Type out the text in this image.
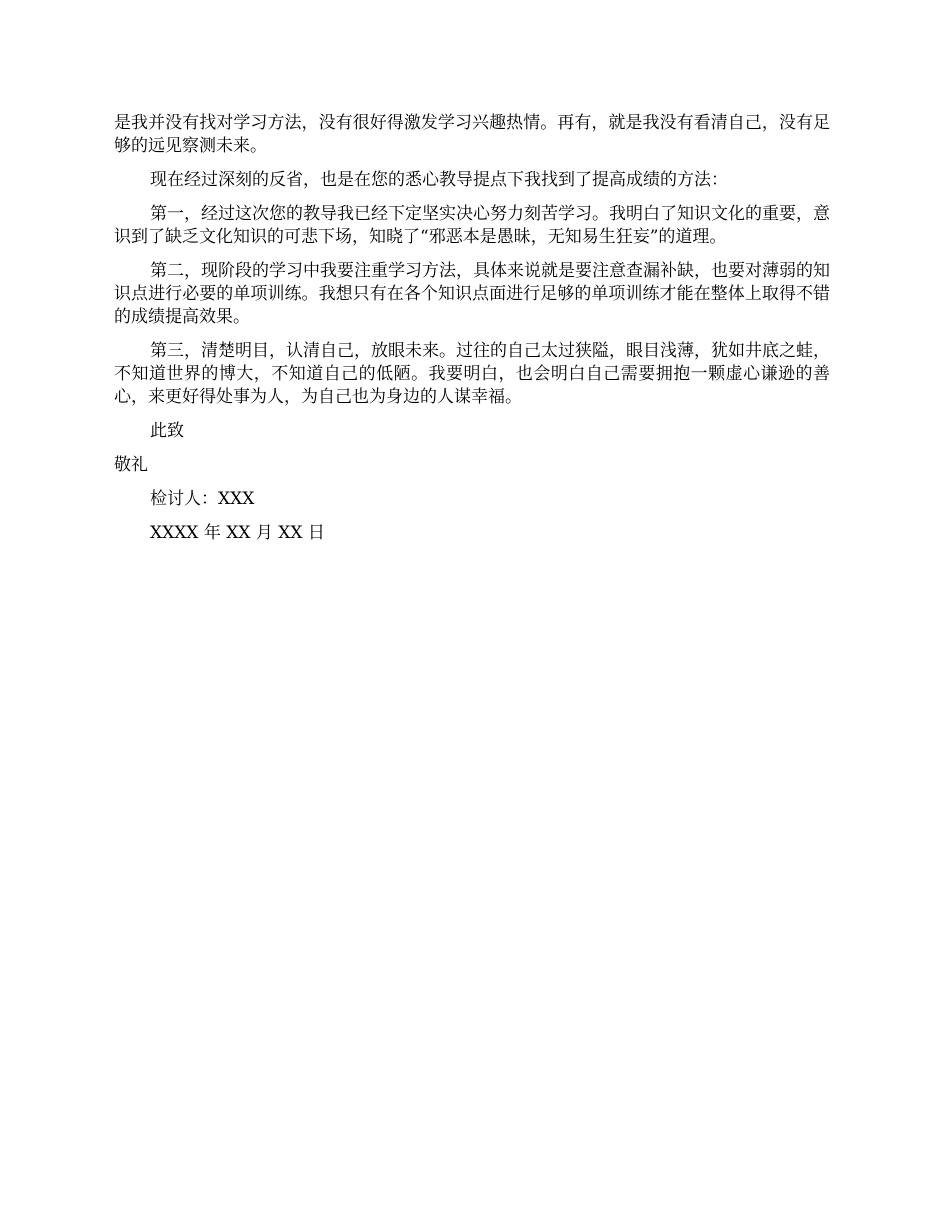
是我并没有找对学习方法，没有很好得激发学习兴趣热情。再有，就是我没有看清自己，没有足够的远见察测未来。

现在经过深刻的反省，也是在您的悉心教导提点下我找到了提高成绩的方法：

第一，经过这次您的教导我已经下定坚实决心努力刻苦学习。我明白了知识文化的重要，意识到了缺乏文化知识的可悲下场，知晓了“邪恶本是愚昧，无知易生狂妄”的道理。

第二，现阶段的学习中我要注重学习方法，具体来说就是要注意查漏补缺，也要对薄弱的知识点进行必要的单项训练。我想只有在各个知识点面进行足够的单项训练才能在整体上取得不错的成绩提高效果。

第三，清楚明目，认清自己，放眼未来。过往的自己太过狭隘，眼目浅薄，犹如井底之蛙，不知道世界的博大，不知道自己的低陋。我要明白，也会明白自己需要拥抱一颗虚心谦逊的善心，来更好得处事为人，为自己也为身边的人谋幸福。

此致

敬礼

检讨人：XXX

XXXX 年 XX 月 XX 日
